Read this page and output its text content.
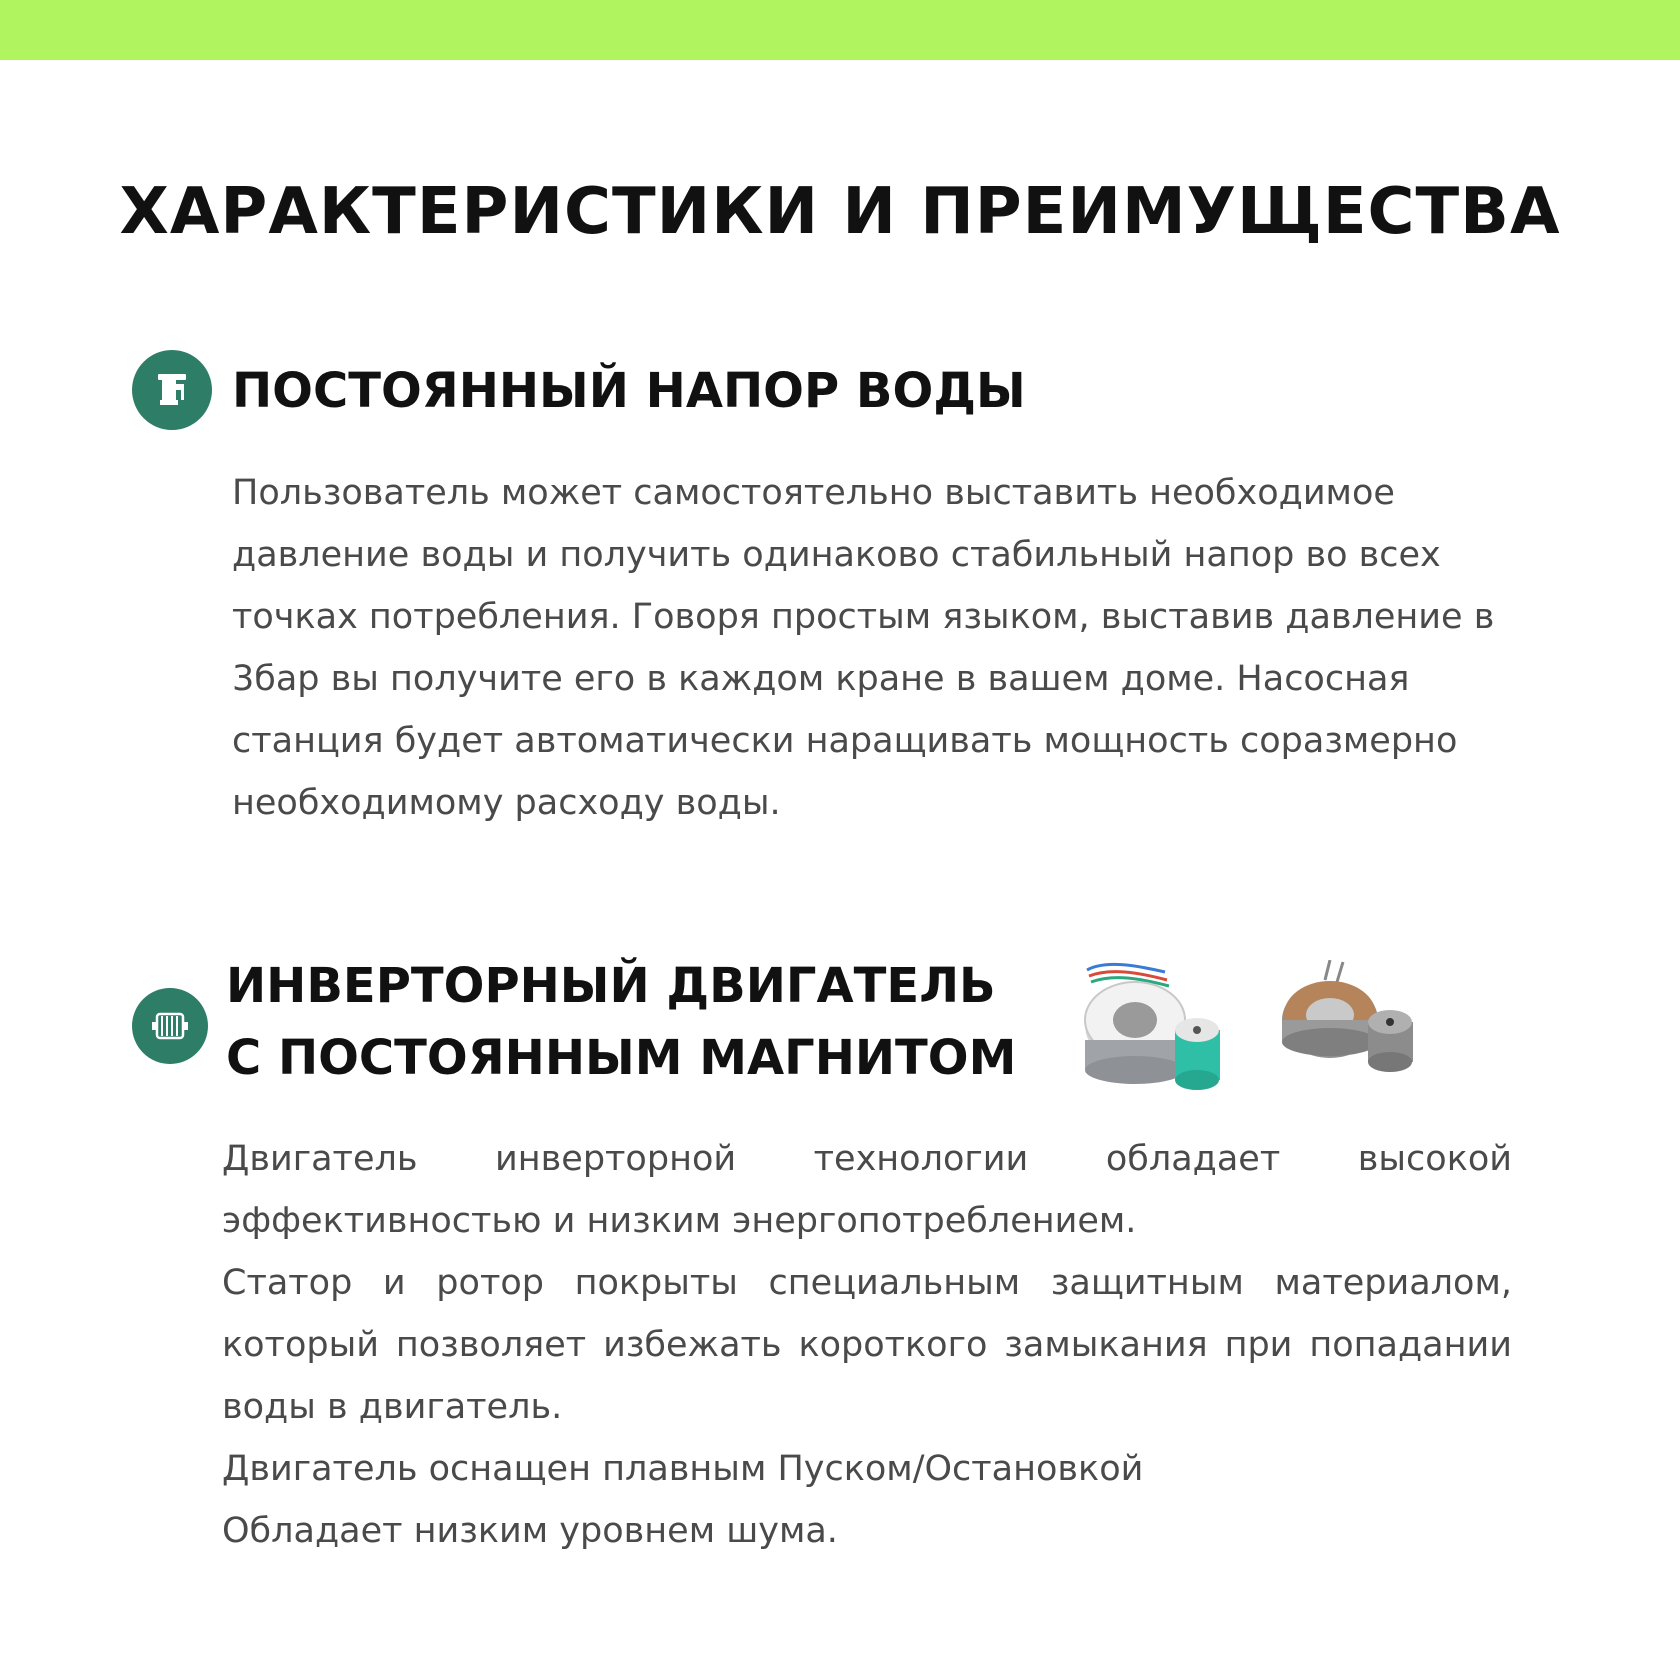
ХАРАКТЕРИСТИКИ И ПРЕИМУЩЕСТВА
ПОСТОЯННЫЙ НАПОР ВОДЫ

Пользователь может самостоятельно выставить необходимое давление воды и получить одинаково стабильный напор во всех точках потребления. Говоря простым языком, выставив давление в 3бар вы получите его в каждом кране в вашем доме. Насосная станция будет автоматически наращивать мощность соразмерно необходимому расходу воды.

ИНВЕРТОРНЫЙ ДВИГАТЕЛЬ
С ПОСТОЯННЫМ МАГНИТОМ

Двигатель инверторной технологии обладает высокой эффективностью и низким энергопотреблением.

Статор и ротор покрыты специальным защитным материалом, который позволяет избежать короткого замыкания при попадании воды в двигатель.

Двигатель оснащен плавным Пуском/Остановкой

Обладает низким уровнем шума.
